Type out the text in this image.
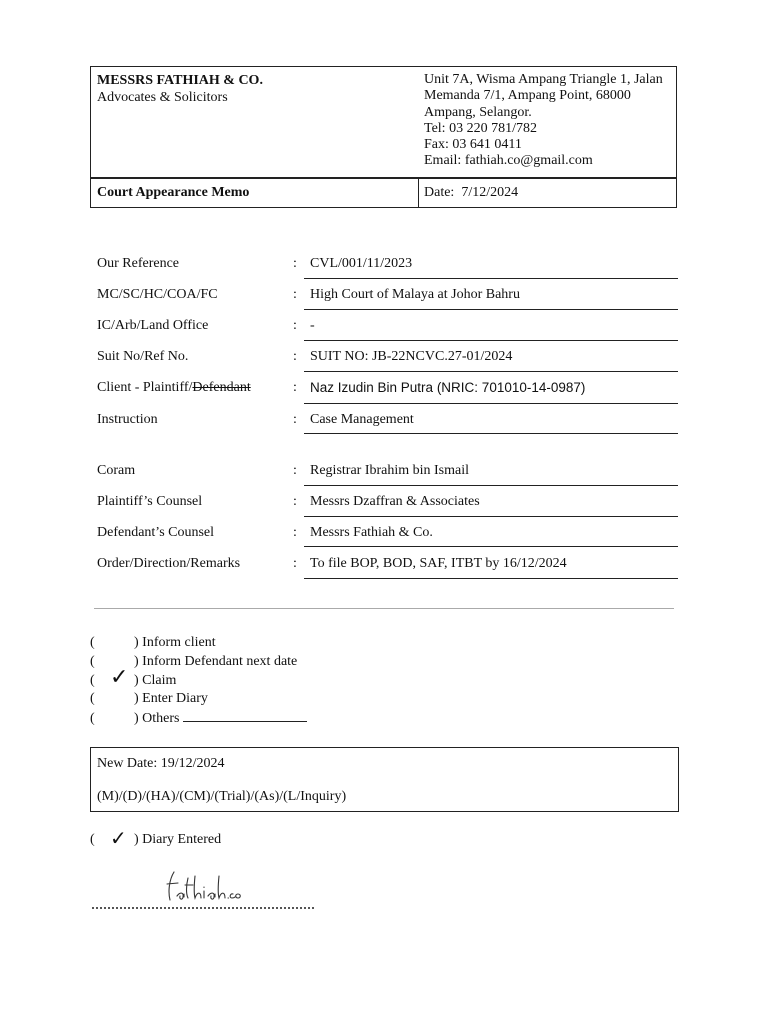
MESSRS FATHIAH & CO.
Advocates & Solicitors
Unit 7A, Wisma Ampang Triangle 1, Jalan
Memanda 7/1, Ampang Point, 68000
Ampang, Selangor.
Tel: 03 220 781/782
Fax: 03 641 0411
Email: fathiah.co@gmail.com
Court Appearance Memo	Date: 7/12/2024
Our Reference	: CVL/001/11/2023
MC/SC/HC/COA/FC	: High Court of Malaya at Johor Bahru
IC/Arb/Land Office	: -
Suit No/Ref No.	: SUIT NO: JB-22NCVC.27-01/2024
Client - Plaintiff/Defendant	: Naz Izudin Bin Putra (NRIC: 701010-14-0987)
Instruction	: Case Management
Coram	: Registrar Ibrahim bin Ismail
Plaintiff’s Counsel	: Messrs Dzaffran & Associates
Defendant’s Counsel	: Messrs Fathiah & Co.
Order/Direction/Remarks	: To file BOP, BOD, SAF, ITBT by 16/12/2024
(	) Inform client
(	) Inform Defendant next date
(	) Claim
✓
(	) Enter Diary
(	) Others
New Date: 19/12/2024
(M)/(D)/(HA)/(CM)/(Trial)/(As)/(L/Inquiry)
(	) Diary Entered
✓
